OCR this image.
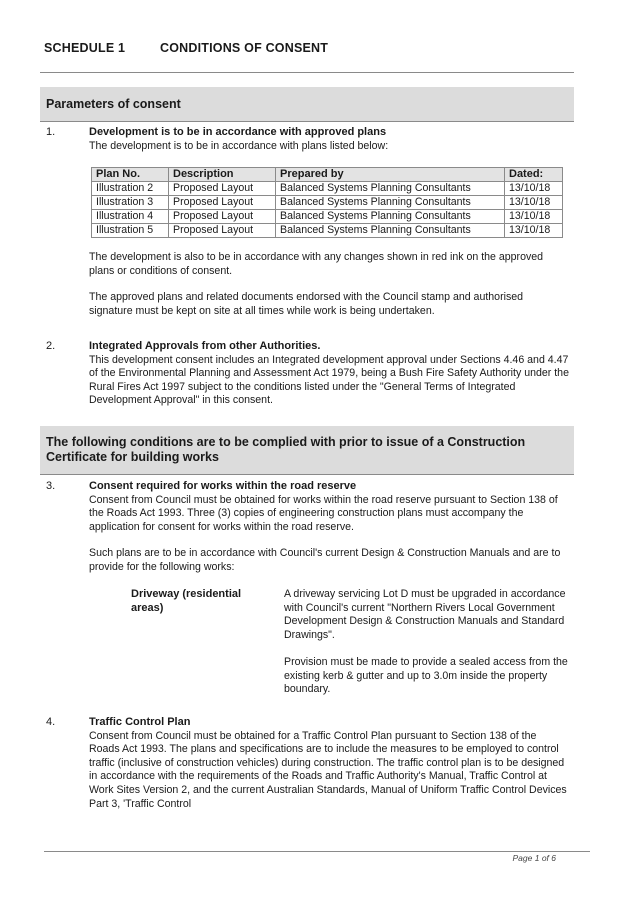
SCHEDULE 1	CONDITIONS OF CONSENT
Parameters of consent
1.	Development is to be in accordance with approved plans

The development is to be in accordance with plans listed below:

Plan No.	Description	Prepared by	Dated:
Illustration 2	Proposed Layout	Balanced Systems Planning Consultants	13/10/18
Illustration 3	Proposed Layout	Balanced Systems Planning Consultants	13/10/18
Illustration 4	Proposed Layout	Balanced Systems Planning Consultants	13/10/18
Illustration 5	Proposed Layout	Balanced Systems Planning Consultants	13/10/18

The development is also to be in accordance with any changes shown in red ink on the approved plans or conditions of consent.

The approved plans and related documents endorsed with the Council stamp and authorised signature must be kept on site at all times while work is being undertaken.

2.	Integrated Approvals from other Authorities.

This development consent includes an Integrated development approval under Sections 4.46 and 4.47 of the Environmental Planning and Assessment Act 1979, being a Bush Fire Safety Authority under the Rural Fires Act 1997 subject to the conditions listed under the "General Terms of Integrated Development Approval" in this consent.

The following conditions are to be complied with prior to issue of a Construction Certificate for building works
3.	Consent required for works within the road reserve

Consent from Council must be obtained for works within the road reserve pursuant to Section 138 of the Roads Act 1993. Three (3) copies of engineering construction plans must accompany the application for consent for works within the road reserve.

Such plans are to be in accordance with Council's current Design & Construction Manuals and are to provide for the following works:

Driveway (residential areas)

A driveway servicing Lot D must be upgraded in accordance with Council's current "Northern Rivers Local Government Development Design & Construction Manuals and Standard Drawings".

Provision must be made to provide a sealed access from the existing kerb & gutter and up to 3.0m inside the property boundary.

4.	Traffic Control Plan

Consent from Council must be obtained for a Traffic Control Plan pursuant to Section 138 of the Roads Act 1993. The plans and specifications are to include the measures to be employed to control traffic (inclusive of construction vehicles) during construction. The traffic control plan is to be designed in accordance with the requirements of the Roads and Traffic Authority's Manual, Traffic Control at Work Sites Version 2, and the current Australian Standards, Manual of Uniform Traffic Control Devices Part 3, 'Traffic Control

Page 1 of 6
